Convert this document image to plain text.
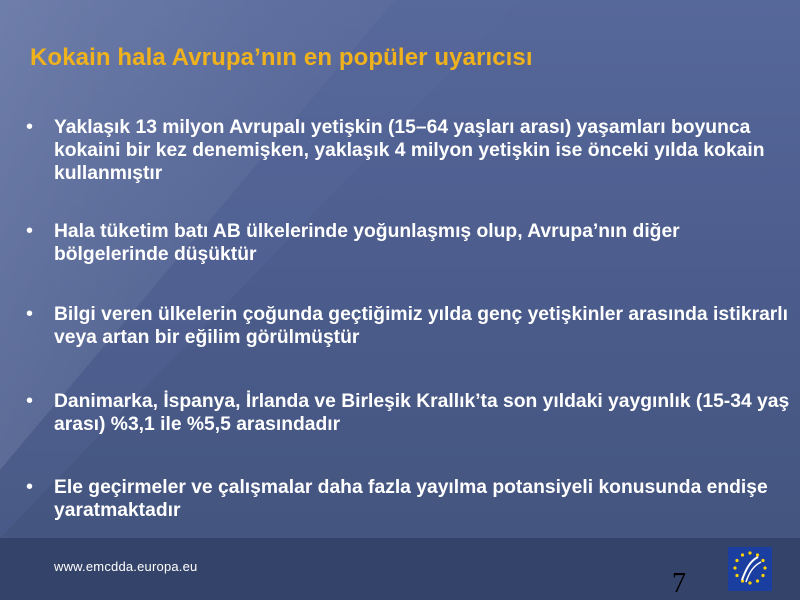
Kokain hala Avrupa’nın en popüler uyarıcısı
• Yaklaşık 13 milyon Avrupalı yetişkin (15–64 yaşları arası) yaşamları boyunca kokaini bir kez denemişken, yaklaşık 4 milyon yetişkin ise önceki yılda kokain kullanmıştır
• Hala tüketim batı AB ülkelerinde yoğunlaşmış olup, Avrupa’nın diğer bölgelerinde düşüktür
• Bilgi veren ülkelerin çoğunda geçtiğimiz yılda genç yetişkinler arasında istikrarlı veya artan bir eğilim görülmüştür
• Danimarka, İspanya, İrlanda ve Birleşik Krallık’ta son yıldaki yaygınlık (15-34 yaş arası) %3,1 ile %5,5 arasındadır
• Ele geçirmeler ve çalışmalar daha fazla yayılma potansiyeli konusunda endişe yaratmaktadır
www.emcdda.europa.eu
7
